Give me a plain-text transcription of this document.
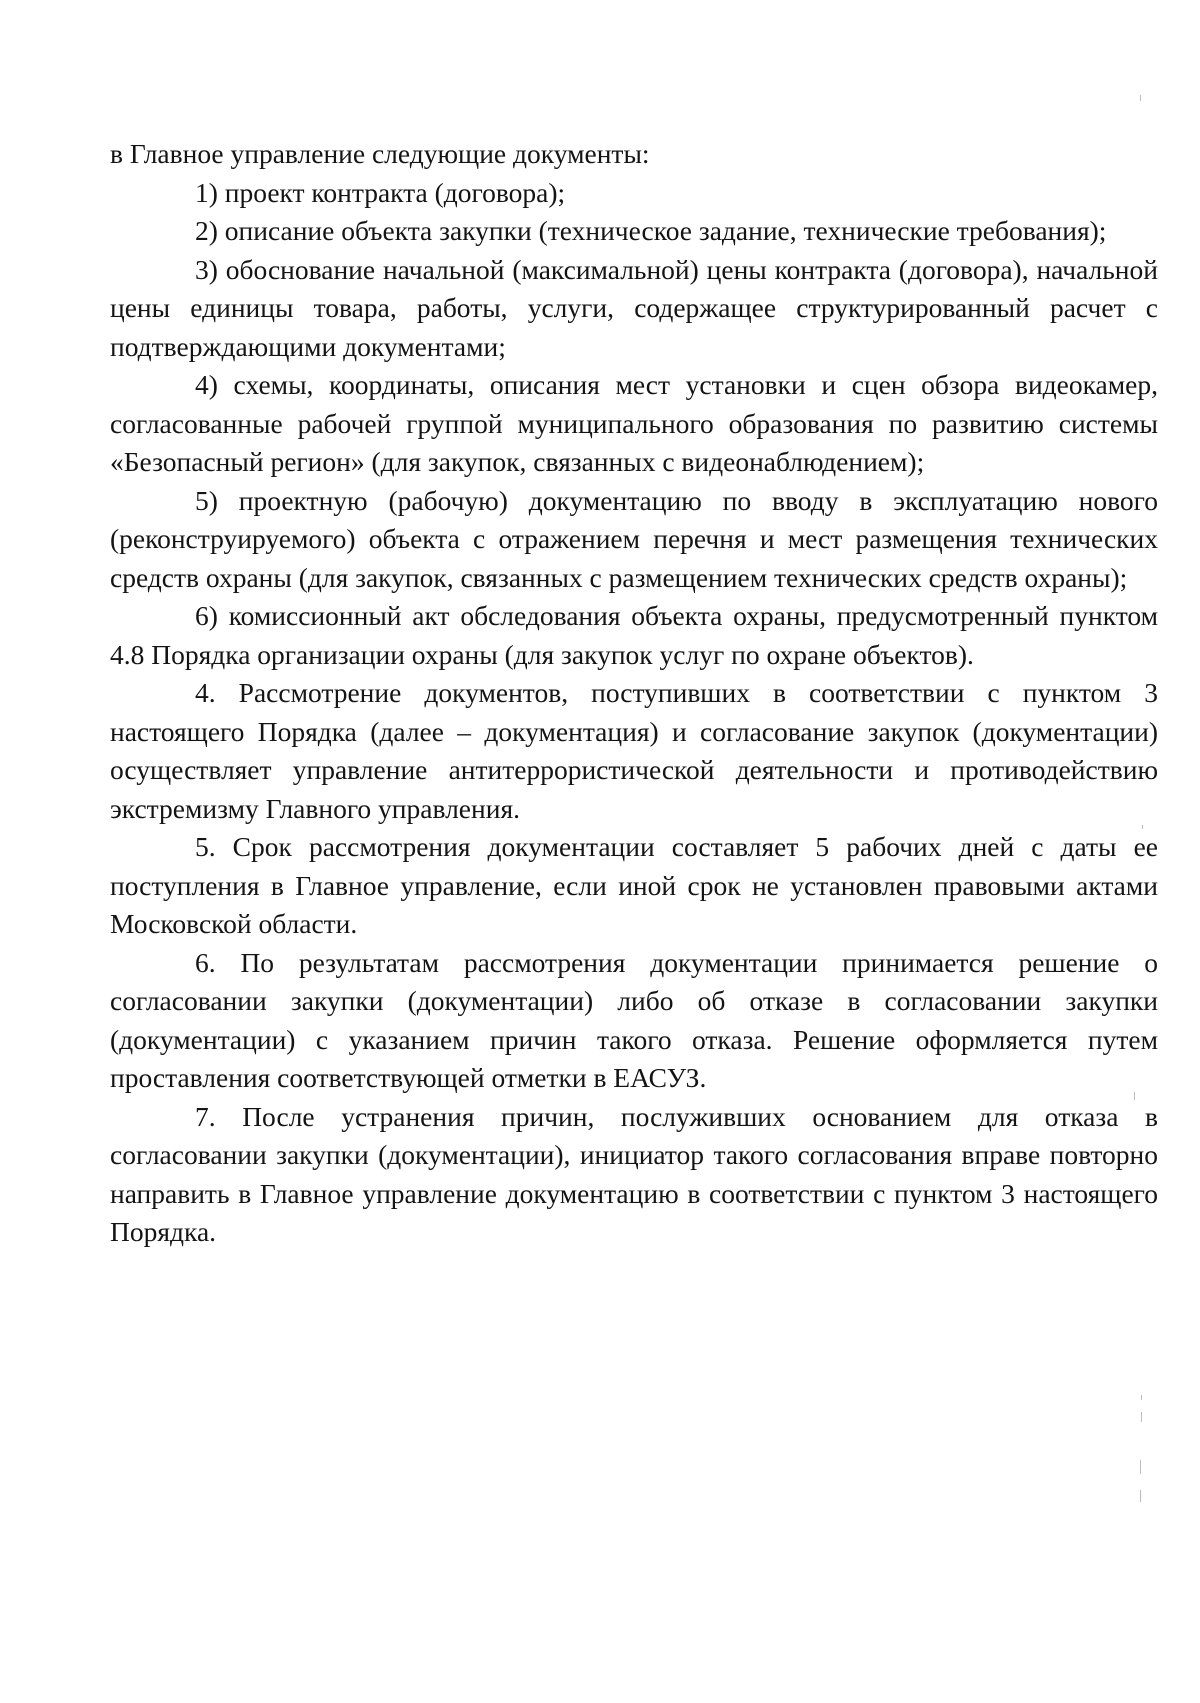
в Главное управление следующие документы:

1) проект контракта (договора);

2) описание объекта закупки (техническое задание, технические требования);

3) обоснование начальной (максимальной) цены контракта (договора), начальной цены единицы товара, работы, услуги, содержащее структурированный расчет с подтверждающими документами;

4) схемы, координаты, описания мест установки и сцен обзора видеокамер, согласованные рабочей группой муниципального образования по развитию системы «Безопасный регион» (для закупок, связанных с видеонаблюдением);

5) проектную (рабочую) документацию по вводу в эксплуатацию нового (реконструируемого) объекта с отражением перечня и мест размещения технических средств охраны (для закупок, связанных с размещением технических средств охраны);

6) комиссионный акт обследования объекта охраны, предусмотренный пунктом 4.8 Порядка организации охраны (для закупок услуг по охране объектов).

4. Рассмотрение документов, поступивших в соответствии с пунктом 3 настоящего Порядка (далее – документация) и согласование закупок (документации) осуществляет управление антитеррористической деятельности и противодействию экстремизму Главного управления.

5. Срок рассмотрения документации составляет 5 рабочих дней с даты ее поступления в Главное управление, если иной срок не установлен правовыми актами Московской области.

6. По результатам рассмотрения документации принимается решение о согласовании закупки (документации) либо об отказе в согласовании закупки (документации) с указанием причин такого отказа. Решение оформляется путем проставления соответствующей отметки в ЕАСУЗ.

7. После устранения причин, послуживших основанием для отказа в согласовании закупки (документации), инициатор такого согласования вправе повторно направить в Главное управление документацию в соответствии с пунктом 3 настоящего Порядка.
